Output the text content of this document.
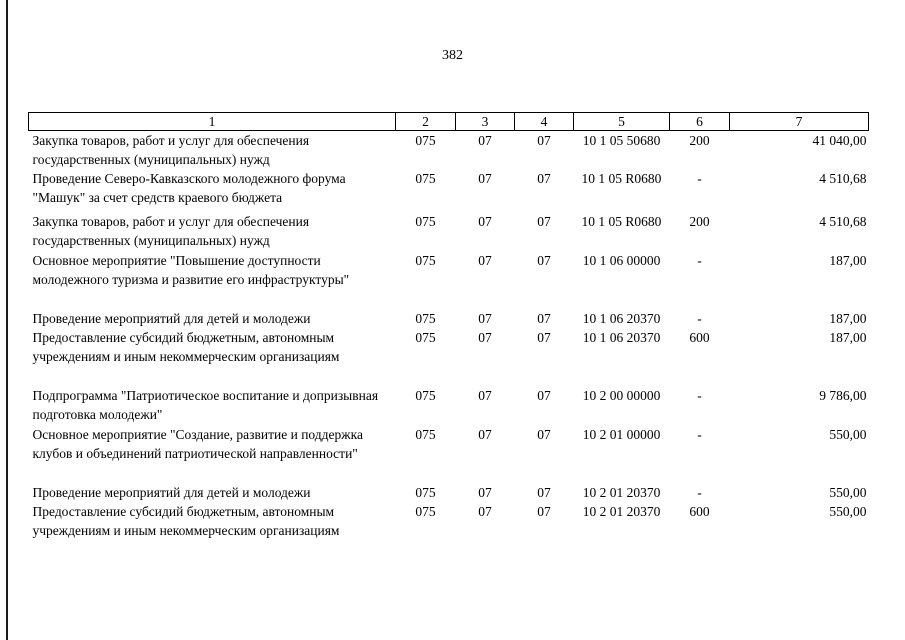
382
1	2	3	4	5	6	7
Закупка товаров, работ и услуг для обеспечения государственных (муниципальных) нужд	075	07	07	10 1 05 50680	200	41 040,00
Проведение Северо-Кавказского молодежного форума "Машук" за счет средств краевого бюджета	075	07	07	10 1 05 R0680	-	4 510,68
Закупка товаров, работ и услуг для обеспечения государственных (муниципальных) нужд	075	07	07	10 1 05 R0680	200	4 510,68
Основное мероприятие "Повышение доступности молодежного туризма и развитие его инфраструктуры"	075	07	07	10 1 06 00000	-	187,00
Проведение мероприятий для детей и молодежи	075	07	07	10 1 06 20370	-	187,00
Предоставление субсидий бюджетным, автономным учреждениям и иным некоммерческим организациям	075	07	07	10 1 06 20370	600	187,00
Подпрограмма "Патриотическое воспитание и допризывная подготовка молодежи"	075	07	07	10 2 00 00000	-	9 786,00
Основное мероприятие "Создание, развитие и поддержка клубов и объединений патриотической направленности"	075	07	07	10 2 01 00000	-	550,00
Проведение мероприятий для детей и молодежи	075	07	07	10 2 01 20370	-	550,00
Предоставление субсидий бюджетным, автономным учреждениям и иным некоммерческим организациям	075	07	07	10 2 01 20370	600	550,00
